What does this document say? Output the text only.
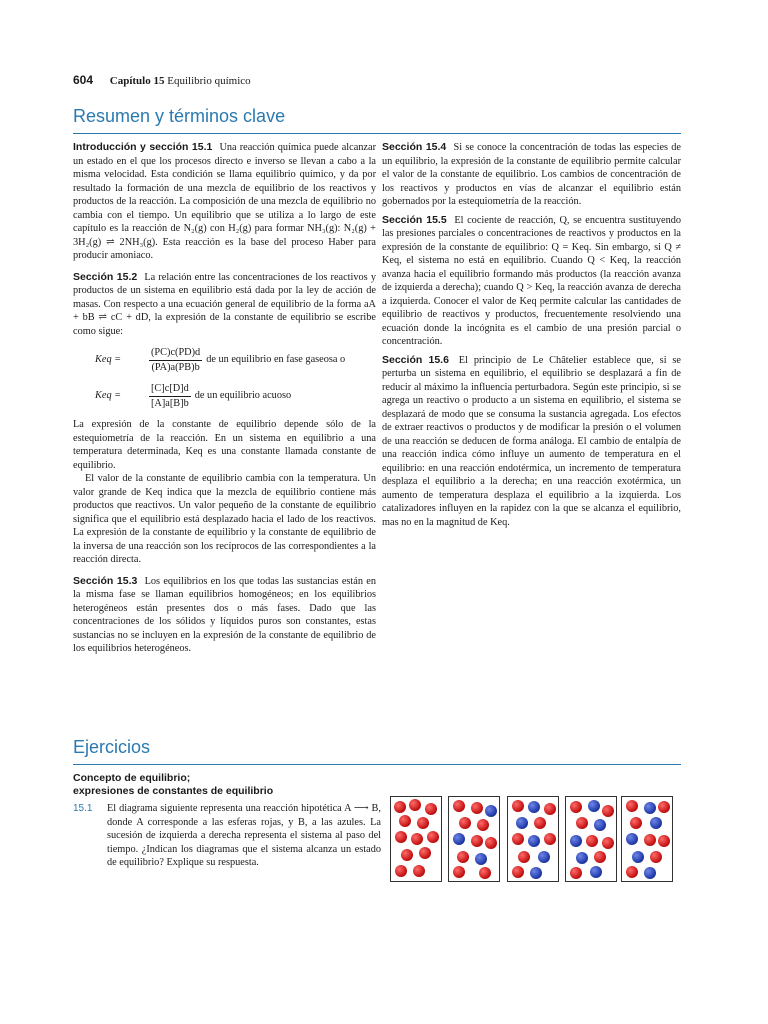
604 Capítulo 15 Equilibrio químico
Resumen y términos clave

Introducción y sección 15.1 Una reacción química puede alcanzar un estado en el que los procesos directo e inverso se llevan a cabo a la misma velocidad. Esta condición se llama equilibrio químico, y da por resultado la formación de una mezcla de equilibrio de los reactivos y productos de la reacción. La composición de una mezcla de equilibrio no cambia con el tiempo. Un equilibrio que se utiliza a lo largo de este capítulo es la reacción de N₂(g) con H₂(g) para formar NH₃(g): N₂(g) + 3H₂(g) ⇌ 2NH₃(g). Esta reacción es la base del proceso Haber para producir amoniaco.

Sección 15.2 La relación entre las concentraciones de los reactivos y productos de un sistema en equilibrio está dada por la ley de acción de masas. Con respecto a una ecuación general de equilibrio de la forma aA + bB ⇌ cC + dD, la expresión de la constante de equilibrio se escribe como sigue:

Keq =	$\frac{(PC)c(PD)d}{(PA)a(PB)b}$ de un equilibrio en fase gaseosa o
Keq =	$\frac{[C]c[D]d}{[A]a[B]b}$ de un equilibrio acuoso

La expresión de la constante de equilibrio depende sólo de la estequiometría de la reacción. En un sistema en equilibrio a una temperatura determinada, Keq es una constante llamada constante de equilibrio.

El valor de la constante de equilibrio cambia con la temperatura. Un valor grande de Keq indica que la mezcla de equilibrio contiene más productos que reactivos. Un valor pequeño de la constante de equilibrio significa que el equilibrio está desplazado hacia el lado de los reactivos. La expresión de la constante de equilibrio y la constante de equilibrio de la inversa de una reacción son los recíprocos de las correspondientes a la reacción directa.

Sección 15.3 Los equilibrios en los que todas las sustancias están en la misma fase se llaman equilibrios homogéneos; en los equilibrios heterogéneos están presentes dos o más fases. Dado que las concentraciones de los sólidos y líquidos puros son constantes, estas sustancias no se incluyen en la expresión de la constante de equilibrio de los equilibrios heterogéneos.

Sección 15.4 Si se conoce la concentración de todas las especies de un equilibrio, la expresión de la constante de equilibrio permite calcular el valor de la constante de equilibrio. Los cambios de concentración de los reactivos y productos en vías de alcanzar el equilibrio están gobernados por la estequiometría de la reacción.

Sección 15.5 El cociente de reacción, Q, se encuentra sustituyendo las presiones parciales o concentraciones de reactivos y productos en la expresión de la constante de equilibrio: Q = Keq. Sin embargo, si Q ≠ Keq, el sistema no está en equilibrio. Cuando Q < Keq, la reacción avanza hacia el equilibrio formando más productos (la reacción avanza de izquierda a derecha); cuando Q > Keq, la reacción avanza de derecha a izquierda. Conocer el valor de Keq permite calcular las cantidades de equilibrio de reactivos y productos, frecuentemente resolviendo una ecuación donde la incógnita es el cambio de una presión parcial o concentración.

Sección 15.6 El principio de Le Châtelier establece que, si se perturba un sistema en equilibrio, el equilibrio se desplazará a fin de reducir al máximo la influencia perturbadora. Según este principio, si se agrega un reactivo o producto a un sistema en equilibrio, el sistema se desplazará de modo que se consuma la sustancia agregada. Los efectos de extraer reactivos o productos y de modificar la presión o el volumen de una reacción se deducen de forma análoga. El cambio de entalpía de una reacción indica cómo influye un aumento de temperatura en el equilibrio: en una reacción endotérmica, un incremento de temperatura desplaza el equilibrio a la derecha; en una reacción exotérmica, un aumento de temperatura desplaza el equilibrio a la izquierda. Los catalizadores influyen en la rapidez con la que se alcanza el equilibrio, mas no en la magnitud de Keq.

Ejercicios
Concepto de equilibrio;
expresiones de constantes de equilibrio
15.1	El diagrama siguiente representa una reacción hipotética A ⟶ B, donde A corresponde a las esferas rojas, y B, a las azules. La sucesión de izquierda a derecha representa el sistema al paso del tiempo. ¿Indican los diagramas que el sistema alcanza un estado de equilibrio? Explique su respuesta.
